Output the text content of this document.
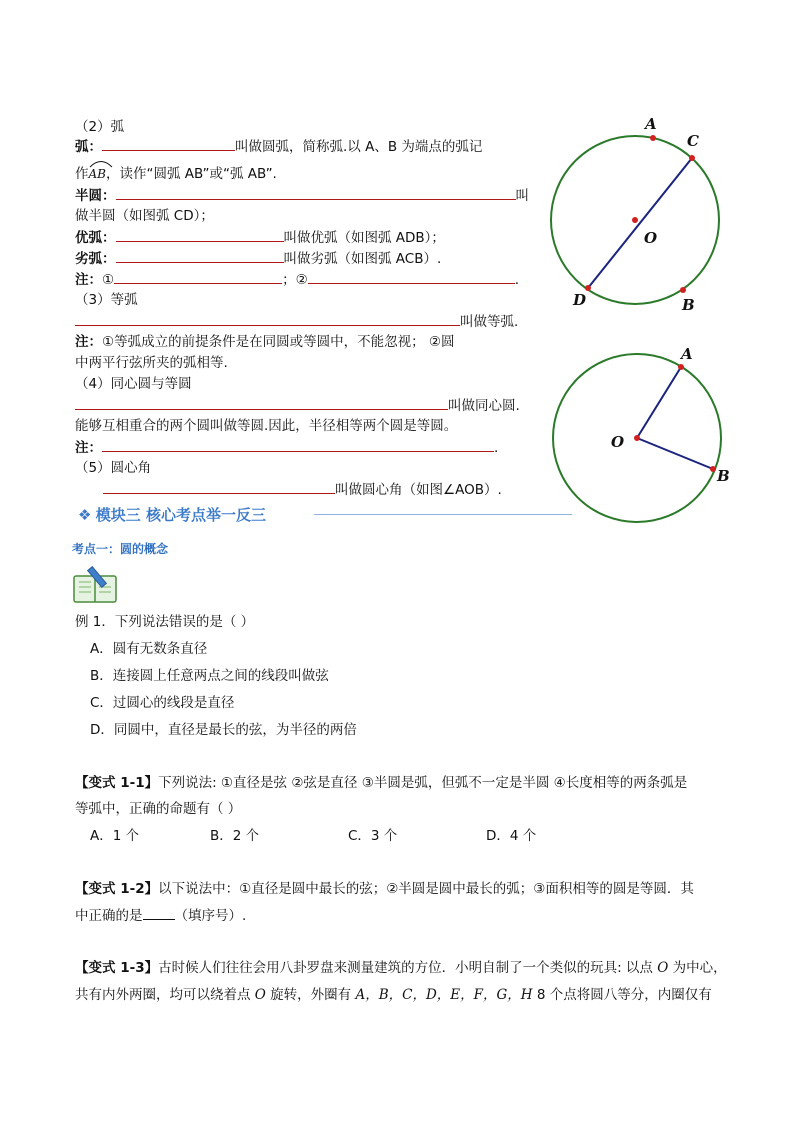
（2）弧
弧：	叫做圆弧，简称弧.以 A、B 为端点的弧记
作AB
，读作“圆弧 AB”或“弧 AB”.
半圆：	叫
做半圆（如图弧 CD）；
优弧：	叫做优弧（如图弧 ADB）；
劣弧：	叫做劣弧（如图弧 ACB）.
注：①	；②	.
（3）等弧
叫做等弧.
注：①等弧成立的前提条件是在同圆或等圆中，不能忽视； ②圆
中两平行弦所夹的弧相等.
（4）同心圆与等圆
叫做同心圆.
能够互相重合的两个圆叫做等圆.因此，半径相等两个圆是等圆。
注：	.
（5）圆心角
叫做圆心角（如图∠AOB）.
A
C
O
D	B
A
O
B
❖ 模块三 核心考点举一反三
考点一：圆的概念
例 1．下列说法错误的是（ ）
A．圆有无数条直径
B．连接圆上任意两点之间的线段叫做弦
C．过圆心的线段是直径
D．同圆中，直径是最长的弦，为半径的两倍
【变式 1-1】下列说法: ①直径是弦 ②弦是直径 ③半圆是弧，但弧不一定是半圆 ④长度相等的两条弧是
等弧中，正确的命题有（ ）
A．1 个	B．2 个	C．3 个	D．4 个
【变式 1-2】以下说法中：①直径是圆中最长的弦；②半圆是圆中最长的弧；③面积相等的圆是等圆．其
中正确的是 （填序号）.
【变式 1-3】古时候人们往往会用八卦罗盘来测量建筑的方位．小明自制了一个类似的玩具: 以点 O 为中心，
共有内外两圈，均可以绕着点 O 旋转，外圈有 A，B，C，D，E，F，G，H 8 个点将圆八等分，内圈仅有
